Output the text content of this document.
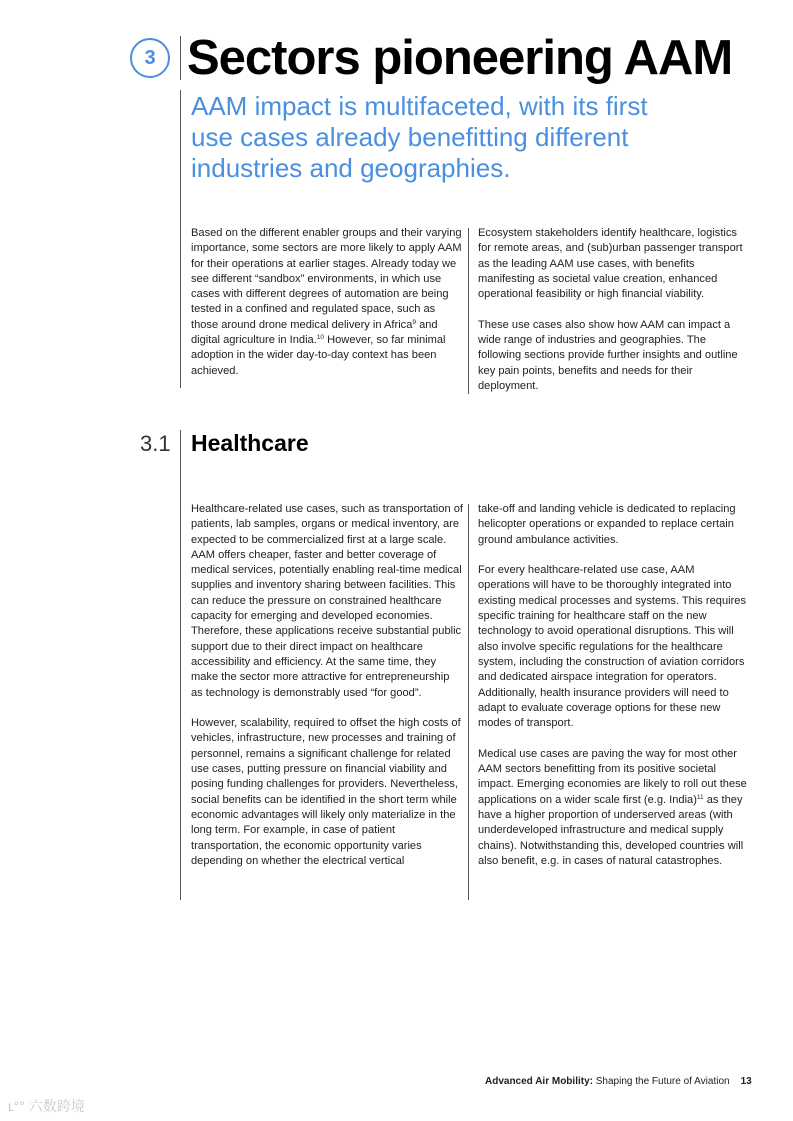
3 Sectors pioneering AAM
AAM impact is multifaceted, with its first use cases already benefitting different industries and geographies.

Based on the different enabler groups and their varying importance, some sectors are more likely to apply AAM for their operations at earlier stages. Already today we see different “sandbox” environments, in which use cases with different degrees of automation are being tested in a confined and regulated space, such as those around drone medical delivery in Africa$^9$ and digital agriculture in India.$^{10}$ However, so far minimal adoption in the wider day-to-day context has been achieved.

Ecosystem stakeholders identify healthcare, logistics for remote areas, and (sub)urban passenger transport as the leading AAM use cases, with benefits manifesting as societal value creation, enhanced operational feasibility or high financial viability.

These use cases also show how AAM can impact a wide range of industries and geographies. The following sections provide further insights and outline key pain points, benefits and needs for their deployment.

3.1 Healthcare

Healthcare-related use cases, such as transportation of patients, lab samples, organs or medical inventory, are expected to be commercialized first at a large scale. AAM offers cheaper, faster and better coverage of medical services, potentially enabling real-time medical supplies and inventory sharing between facilities. This can reduce the pressure on constrained healthcare capacity for emerging and developed economies. Therefore, these applications receive substantial public support due to their direct impact on healthcare accessibility and efficiency. At the same time, they make the sector more attractive for entrepreneurship as technology is demonstrably used “for good”.

However, scalability, required to offset the high costs of vehicles, infrastructure, new processes and training of personnel, remains a significant challenge for related use cases, putting pressure on financial viability and posing funding challenges for providers. Nevertheless, social benefits can be identified in the short term while economic advantages will likely only materialize in the long term. For example, in case of patient transportation, the economic opportunity varies depending on whether the electrical vertical

take-off and landing vehicle is dedicated to replacing helicopter operations or expanded to replace certain ground ambulance activities.

For every healthcare-related use case, AAM operations will have to be thoroughly integrated into existing medical processes and systems. This requires specific training for healthcare staff on the new technology to avoid operational disruptions. This will also involve specific regulations for the healthcare system, including the construction of aviation corridors and dedicated airspace integration for operators. Additionally, health insurance providers will need to adapt to evaluate coverage options for these new modes of transport.

Medical use cases are paving the way for most other AAM sectors benefitting from its positive societal impact. Emerging economies are likely to roll out these applications on a wider scale first (e.g. India)$^{11}$ as they have a higher proportion of underserved areas (with underdeveloped infrastructure and medical supply chains). Notwithstanding this, developed countries will also benefit, e.g. in cases of natural catastrophes.

Advanced Air Mobility: Shaping the Future of Aviation 13
ʟ°° 六数跨境
